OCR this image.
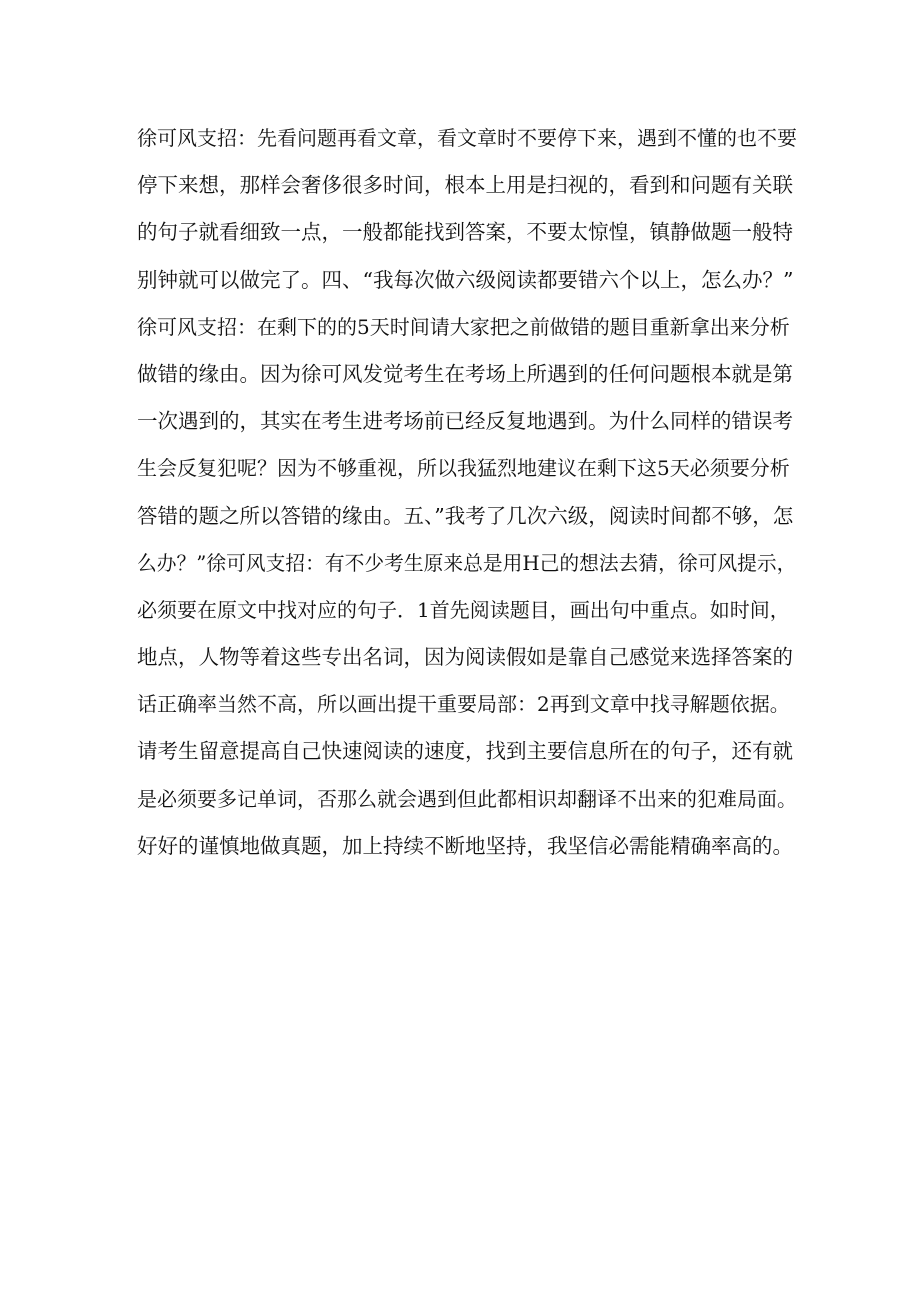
徐可风支招：先看问题再看文章，看文章时不要停下来，遇到不懂的也不要
停下来想，那样会奢侈很多时间，根本上用是扫视的，看到和问题有关联
的句子就看细致一点，一般都能找到答案，不要太惊惶，镇静做题一般特
别钟就可以做完了。四、“我每次做六级阅读都要错六个以上，怎么办？”
徐可风支招：在剩下的的5天时间请大家把之前做错的题目重新拿出来分析
做错的缘由。因为徐可风发觉考生在考场上所遇到的任何问题根本就是第
一次遇到的，其实在考生进考场前已经反复地遇到。为什么同样的错误考
生会反复犯呢？因为不够重视，所以我猛烈地建议在剩下这5天必须要分析
答错的题之所以答错的缘由。五、”我考了几次六级，阅读时间都不够，怎
么办？”徐可风支招：有不少考生原来总是用H己的想法去猜，徐可风提示，
必须要在原文中找对应的句子．1首先阅读题目，画出句中重点。如时间，
地点，人物等着这些专出名词，因为阅读假如是靠自己感觉来选择答案的
话正确率当然不高，所以画出提干重要局部：2再到文章中找寻解题依据。
请考生留意提高自己快速阅读的速度，找到主要信息所在的句子，还有就
是必须要多记单词，否那么就会遇到但此都相识却翻译不出来的犯难局面。
好好的谨慎地做真题，加上持续不断地坚持，我坚信必需能精确率高的。
